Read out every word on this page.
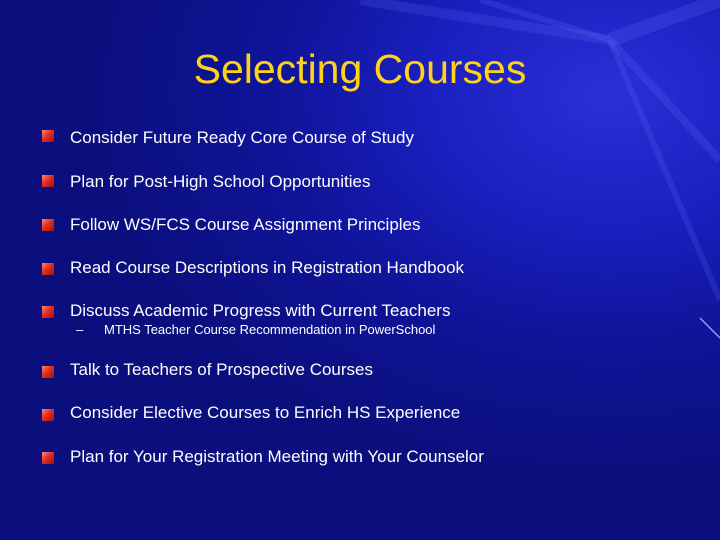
Selecting Courses
Consider Future Ready Core Course of Study
Plan for Post-High School Opportunities
Follow WS/FCS Course Assignment Principles
Read Course Descriptions in Registration Handbook
Discuss Academic Progress with Current Teachers
– MTHS Teacher Course Recommendation in PowerSchool
Talk to Teachers of Prospective Courses
Consider Elective Courses to Enrich HS Experience
Plan for Your Registration Meeting with Your Counselor
